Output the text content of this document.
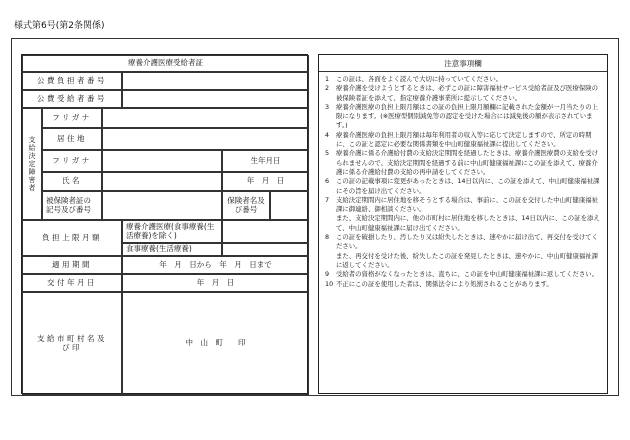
様式第6号(第2条関係)
療養介護医療受給者証
公費負担者番号
公費受給者番号
支給決定障害者
フリガナ
居住地
フリガナ	生年月日
氏名	年　月　日
被保険者証の記号及び番号
保険者名及び番号
負担上限月額
療養介護医療(食事療養(生活療養)を除く)
食事療養(生活療養)
適用期間	年　月　日から　年　月　日まで
交付年月日	年　月　日
支給市町村名及び印	中　山　町　　印
注意事項欄
1	この証は、各面をよく読んで大切に持っていてください。
2	療養介護を受けようとするときは、必ずこの証に障害福祉サービス受給者証及び医療保険の被保険者証を添えて、指定療養介護事業所に提示してください。
3	療養介護医療の負担上限月額はこの証の負担上限月額欄に記載された金額が一月当たりの上限になります。(※医療型個別減免等の認定を受けた場合には減免後の額が表示されています。)
4	療養介護医療の負担上限月額は毎年利用者の収入等に応じて決定しますので、所定の時期に、この証と認定に必要な関係書類を中山町健康福祉課に提出してください。
5	療養介護に係る介護給付費の支給決定期間を経過したときは、療養介護医療費の支給を受けられませんので、支給決定期間を経過する前に中山町健康福祉課にこの証を添えて、療養介護に係る介護給付費の支給の再申請をしてください。
6	この証の記載事項に変更があったときは、14日以内に、この証を添えて、中山町健康福祉課にその旨を届け出てください。
7	支給決定期間内に居住地を移そうとする場合は、事前に、この証を交付した中山町健康福祉課に御連絡、御相談ください。
また、支給決定期間内に、他の市町村に居住地を移したときは、14日以内に、この証を添えて、中山町健康福祉課に届け出てください。
8	この証を破損したり、汚したり又は紛失したときは、速やかに届け出て、再交付を受けてください。
また、再交付を受けた後、紛失したこの証を発見したときは、速やかに、中山町健康福祉課に返してください。
9	受給者の資格がなくなったときは、直ちに、この証を中山町健康福祉課に返してください。
10 不正にこの証を使用した者は、関係法令により処罰されることがあります。
